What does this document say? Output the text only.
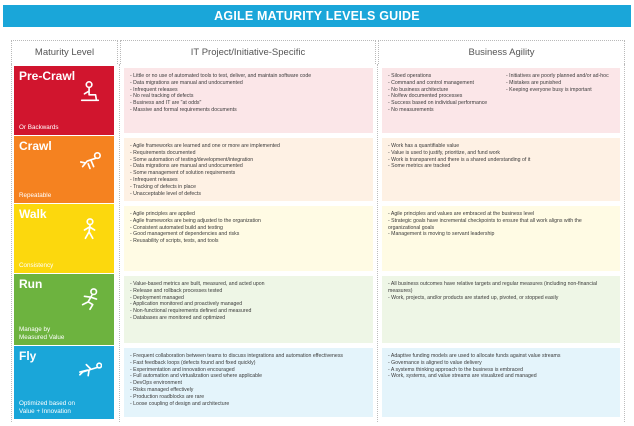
AGILE MATURITY LEVELS GUIDE
Maturity Level	IT Project/Initiative-Specific	Business Agility
Pre-Crawl
Or Backwards
- Little or no use of automated tools to test, deliver, and maintain software code
- Data migrations are manual and undocumented
- Infrequent releases
- No real tracking of defects
- Business and IT are "at odds"
- Massive and formal requirements documents
- Siloed operations
- Command and control management
- No business architecture
- No/few documented processes
- Success based on individual performance
- No measurements
- Initiatives are poorly planned and/or ad-hoc
- Mistakes are punished
- Keeping everyone busy is important
Crawl
Repeatable
- Agile frameworks are learned and one or more are implemented
- Requirements documented
- Some automation of testing/development/integration
- Data migrations are manual and undocumented
- Some management of solution requirements
- Infrequent releases
- Tracking of defects in place
- Unacceptable level of defects
- Work has a quantifiable value
- Value is used to justify, prioritize, and fund work
- Work is transparent and there is a shared understanding of it
- Some metrics are tracked
Walk
Consistency
- Agile principles are applied
- Agile frameworks are being adjusted to the organization
- Consistent automated build and testing
- Good management of dependencies and risks
- Reusability of scripts, tests, and tools
- Agile principles and values are embraced at the business level
- Strategic goals have incremental checkpoints to ensure that all work aligns with the organizational goals
- Management is moving to servant leadership
Run
Manage by
Measured Value
- Value-based metrics are built, measured, and acted upon
- Release and rollback processes tested
- Deployment managed
- Application monitored and proactively managed
- Non-functional requirements defined and measured
- Databases are monitored and optimized
- All business outcomes have relative targets and regular measures (including non-financial measures)
- Work, projects, and/or products are started up, pivoted, or stopped easily
Fly
Optimized based on
Value + Innovation
- Frequent collaboration between teams to discuss integrations and automation effectiveness
- Fast feedback loops (defects found and fixed quickly)
- Experimentation and innovation encouraged
- Full automation and virtualization used where applicable
- DevOps environment
- Risks managed effectively
- Production roadblocks are rare
- Loose coupling of design and architecture
- Adaptive funding models are used to allocate funds against value streams
- Governance is aligned to value delivery
- A systems thinking approach to the business is embraced
- Work, systems, and value streams are visualized and managed
